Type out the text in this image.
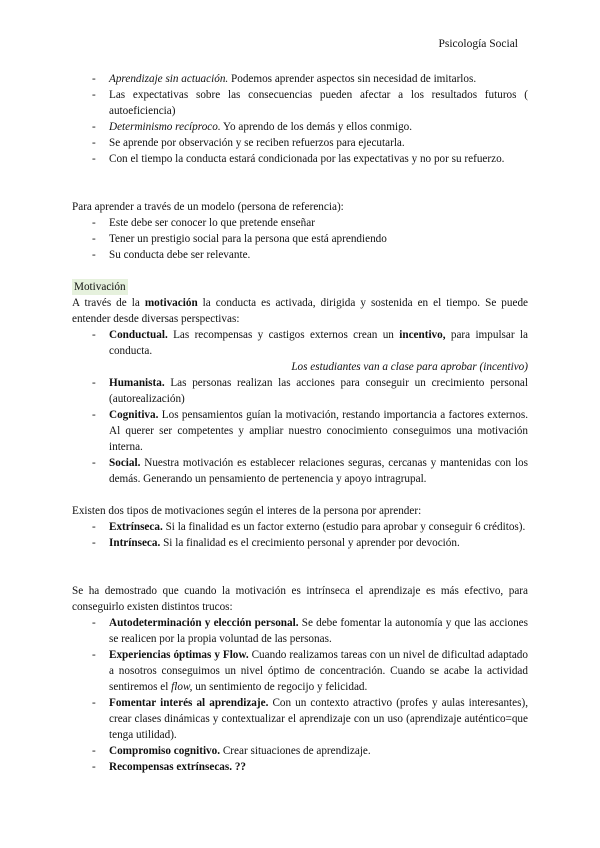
Psicología Social
- Aprendizaje sin actuación. Podemos aprender aspectos sin necesidad de imitarlos.
- Las expectativas sobre las consecuencias pueden afectar a los resultados futuros ( autoeficiencia)
- Determinismo recíproco. Yo aprendo de los demás y ellos conmigo.
- Se aprende por observación y se reciben refuerzos para ejecutarla.
- Con el tiempo la conducta estará condicionada por las expectativas y no por su refuerzo.

Para aprender a través de un modelo (persona de referencia):

- Este debe ser conocer lo que pretende enseñar
- Tener un prestigio social para la persona que está aprendiendo
- Su conducta debe ser relevante.
Motivación

A través de la motivación la conducta es activada, dirigida y sostenida en el tiempo. Se puede entender desde diversas perspectivas:

- Conductual. Las recompensas y castigos externos crean un incentivo, para impulsar la conducta.
Los estudiantes van a clase para aprobar (incentivo)
- Humanista. Las personas realizan las acciones para conseguir un crecimiento personal (autorealización)
- Cognitiva. Los pensamientos guían la motivación, restando importancia a factores externos. Al querer ser competentes y ampliar nuestro conocimiento conseguimos una motivación interna.
- Social. Nuestra motivación es establecer relaciones seguras, cercanas y mantenidas con los demás. Generando un pensamiento de pertenencia y apoyo intragrupal.

Existen dos tipos de motivaciones según el interes de la persona por aprender:

- Extrínseca. Si la finalidad es un factor externo (estudio para aprobar y conseguir 6 créditos).
- Intrínseca. Si la finalidad es el crecimiento personal y aprender por devoción.

Se ha demostrado que cuando la motivación es intrínseca el aprendizaje es más efectivo, para conseguirlo existen distintos trucos:

- Autodeterminación y elección personal. Se debe fomentar la autonomía y que las acciones se realicen por la propia voluntad de las personas.
- Experiencias óptimas y Flow. Cuando realizamos tareas con un nivel de dificultad adaptado a nosotros conseguimos un nivel óptimo de concentración. Cuando se acabe la actividad sentiremos el flow, un sentimiento de regocijo y felicidad.
- Fomentar interés al aprendizaje. Con un contexto atractivo (profes y aulas interesantes), crear clases dinámicas y contextualizar el aprendizaje con un uso (aprendizaje auténtico=que tenga utilidad).
- Compromiso cognitivo. Crear situaciones de aprendizaje.
- Recompensas extrínsecas. ??
